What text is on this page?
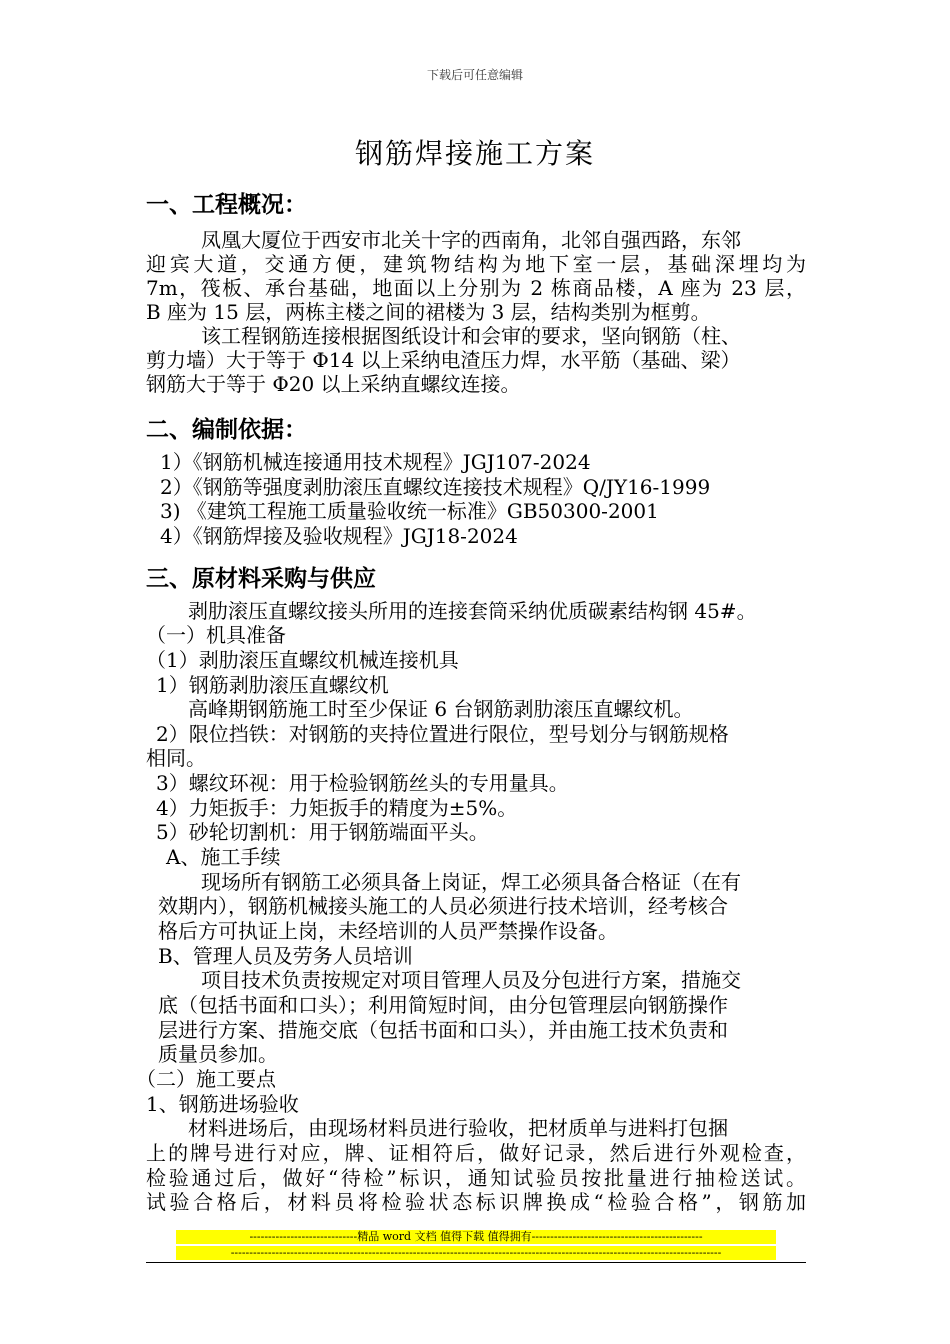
下载后可任意编辑
钢筋焊接施工方案
一、工程概况：
凤凰大厦位于西安市北关十字的西南角，北邻自强西路，东邻
迎宾大道，交通方便，建筑物结构为地下室一层，基础深埋均为
7m，筏板、承台基础，地面以上分别为 2 栋商品楼，A 座为 23 层，
B 座为 15 层，两栋主楼之间的裙楼为 3 层，结构类别为框剪。
该工程钢筋连接根据图纸设计和会审的要求，坚向钢筋（柱、
剪力墙）大于等于 Φ14 以上采纳电渣压力焊，水平筋（基础、梁）
钢筋大于等于 Φ20 以上采纳直螺纹连接。
二、编制依据：
1）《钢筋机械连接通用技术规程》JGJ107-2024
2）《钢筋等强度剥肋滚压直螺纹连接技术规程》Q/JY16-1999
3) 《建筑工程施工质量验收统一标准》GB50300-2001
4）《钢筋焊接及验收规程》JGJ18-2024
三、原材料采购与供应
剥肋滚压直螺纹接头所用的连接套筒采纳优质碳素结构钢 45#。
（一）机具准备
（1）剥肋滚压直螺纹机械连接机具
1）钢筋剥肋滚压直螺纹机
高峰期钢筋施工时至少保证 6 台钢筋剥肋滚压直螺纹机。
2）限位挡铁：对钢筋的夹持位置进行限位，型号划分与钢筋规格
相同。
3）螺纹环视：用于检验钢筋丝头的专用量具。
4）力矩扳手：力矩扳手的精度为±5%。
5）砂轮切割机：用于钢筋端面平头。
A、施工手续
现场所有钢筋工必须具备上岗证，焊工必须具备合格证（在有
效期内），钢筋机械接头施工的人员必须进行技术培训，经考核合
格后方可执证上岗，未经培训的人员严禁操作设备。
B、管理人员及劳务人员培训
项目技术负责按规定对项目管理人员及分包进行方案，措施交
底（包括书面和口头）；利用简短时间，由分包管理层向钢筋操作
层进行方案、措施交底（包括书面和口头），并由施工技术负责和
质量员参加。
（二）施工要点
1、钢筋进场验收
材料进场后，由现场材料员进行验收，把材质单与进料打包捆
上的牌号进行对应，牌、证相符后，做好记录，然后进行外观检查，
检验通过后，做好“待检”标识，通知试验员按批量进行抽检送试。
试验合格后，材料员将检验状态标识牌换成“检验合格”，钢筋加
-----------------------------精品 word 文档 值得下载 值得拥有----------------------------------------------
------------------------------------------------------------------------------------------------------------------------------------
